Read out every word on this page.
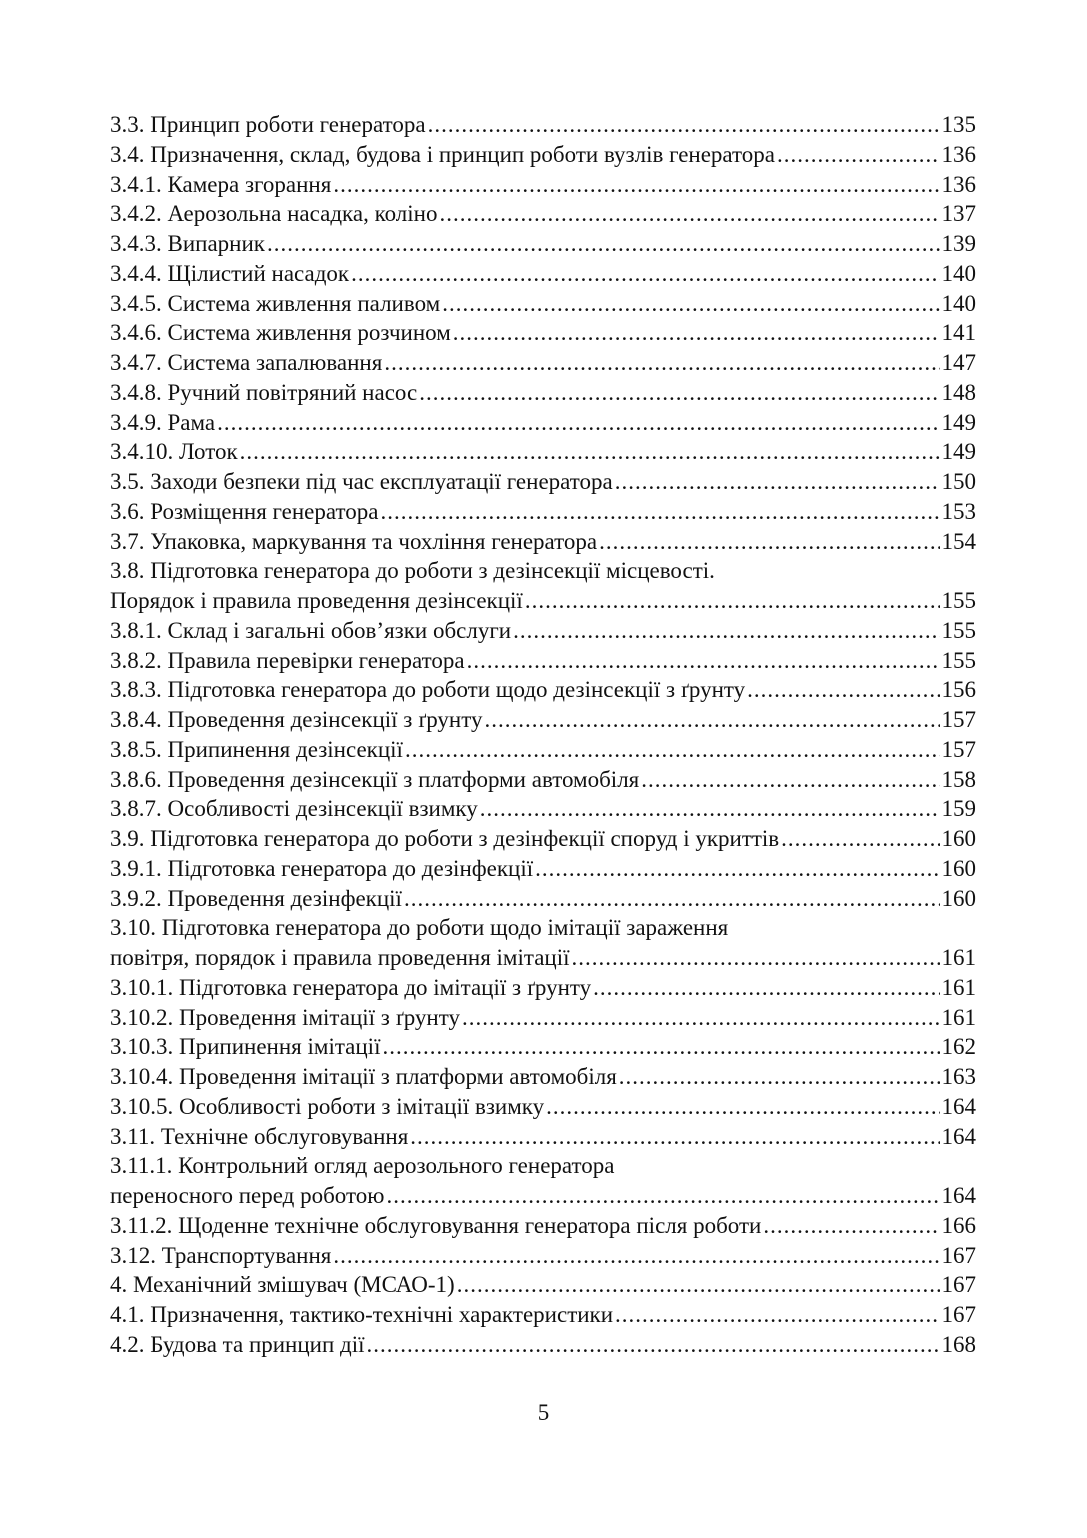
3.3. Принцип роботи генератора .....	135
3.4. Призначення, склад, будова і принцип роботи вузлів генератора .....	136
3.4.1. Камера згорання .....	136
3.4.2. Аерозольна насадка, коліно .....	137
3.4.3. Випарник .....	139
3.4.4. Щілистий насадок .....	140
3.4.5. Система живлення паливом .....	140
3.4.6. Система живлення розчином .....	141
3.4.7. Система запалювання .....	147
3.4.8. Ручний повітряний насос .....	148
3.4.9. Рама .....	149
3.4.10. Лоток .....	149
3.5. Заходи безпеки під час експлуатації генератора .....	150
3.6. Розміщення генератора .....	153
3.7. Упаковка, маркування та чохління генератора .....	154
3.8. Підготовка генератора до роботи з дезінсекції місцевості.
Порядок і правила проведення дезінсекції .....	155
3.8.1. Склад і загальні обов’язки обслуги .....	155
3.8.2. Правила перевірки генератора .....	155
3.8.3. Підготовка генератора до роботи щодо дезінсекції з ґрунту .....	156
3.8.4. Проведення дезінсекції з ґрунту .....	157
3.8.5. Припинення дезінсекції .....	157
3.8.6. Проведення дезінсекції з платформи автомобіля .....	158
3.8.7. Особливості дезінсекції взимку .....	159
3.9. Підготовка генератора до роботи з дезінфекції споруд і укриттів .....	160
3.9.1. Підготовка генератора до дезінфекції .....	160
3.9.2. Проведення дезінфекції .....	160
3.10. Підготовка генератора до роботи щодо імітації зараження
повітря, порядок і правила проведення імітації .....	161
3.10.1. Підготовка генератора до імітації з ґрунту .....	161
3.10.2. Проведення імітації з ґрунту .....	161
3.10.3. Припинення імітації .....	162
3.10.4. Проведення імітації з платформи автомобіля .....	163
3.10.5. Особливості роботи з імітації взимку .....	164
3.11. Технічне обслуговування .....	164
3.11.1. Контрольний огляд аерозольного генератора
переносного перед роботою .....	164
3.11.2. Щоденне технічне обслуговування генератора після роботи .....	166
3.12. Транспортування .....	167
4. Механічний змішувач (МСАО-1) .....	167
4.1. Призначення, тактико-технічні характеристики .....	167
4.2. Будова та принцип дії .....	168
5
